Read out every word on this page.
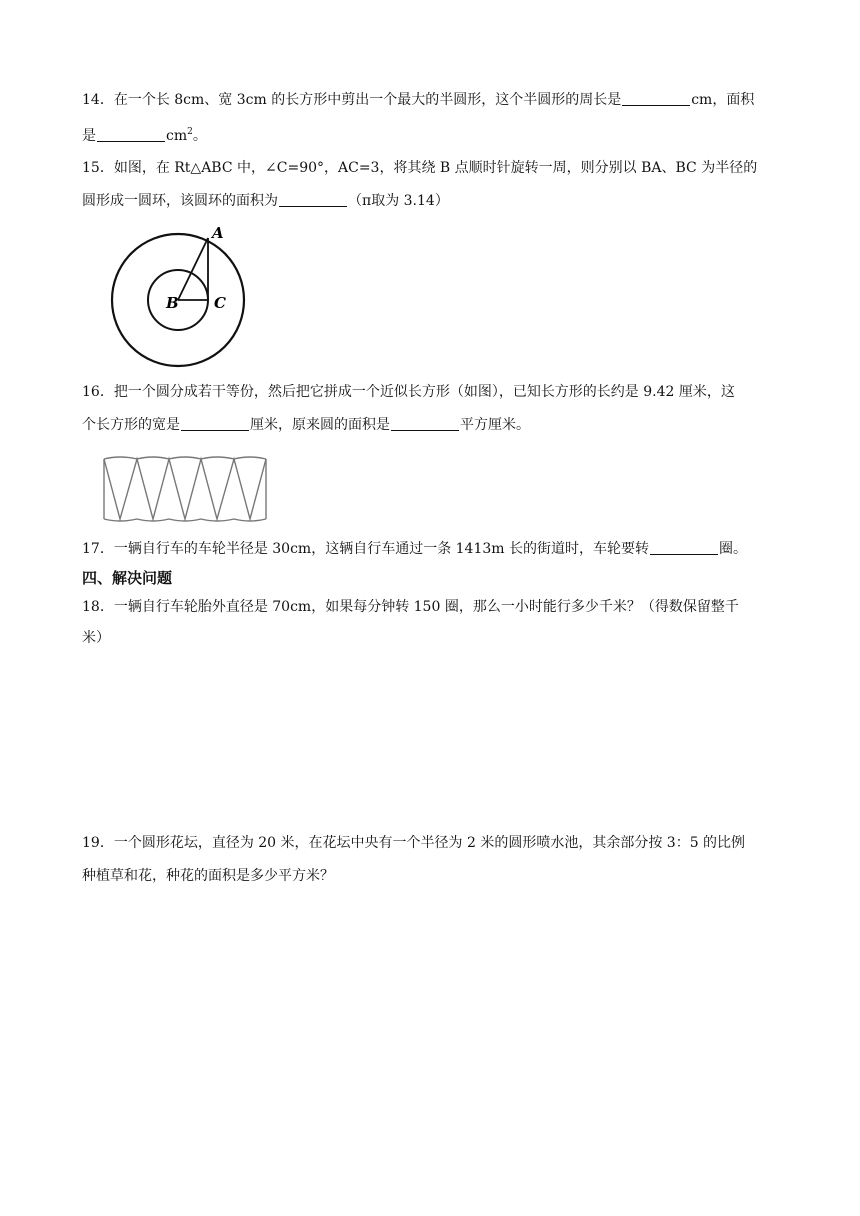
14．在一个长 8cm、宽 3cm 的长方形中剪出一个最大的半圆形，这个半圆形的周长是	cm，面积
是	$cm^2$。
15．如图，在 Rt△ABC 中，∠C=90°，AC=3，将其绕 B 点顺时针旋转一周，则分别以 BA、BC 为半径的
圆形成一圆环，该圆环的面积为	（π取为 3.14）
A
B C
16．把一个圆分成若干等份，然后把它拼成一个近似长方形（如图），已知长方形的长约是 9.42 厘米，这
个长方形的宽是	厘米，原来圆的面积是	平方厘米。
17．一辆自行车的车轮半径是 30cm，这辆自行车通过一条 1413m 长的街道时，车轮要转	圈。
四、解决问题
18．一辆自行车轮胎外直径是 70cm，如果每分钟转 150 圈，那么一小时能行多少千米？（得数保留整千
米）
19．一个圆形花坛，直径为 20 米，在花坛中央有一个半径为 2 米的圆形喷水池，其余部分按 3：5 的比例
种植草和花，种花的面积是多少平方米？
